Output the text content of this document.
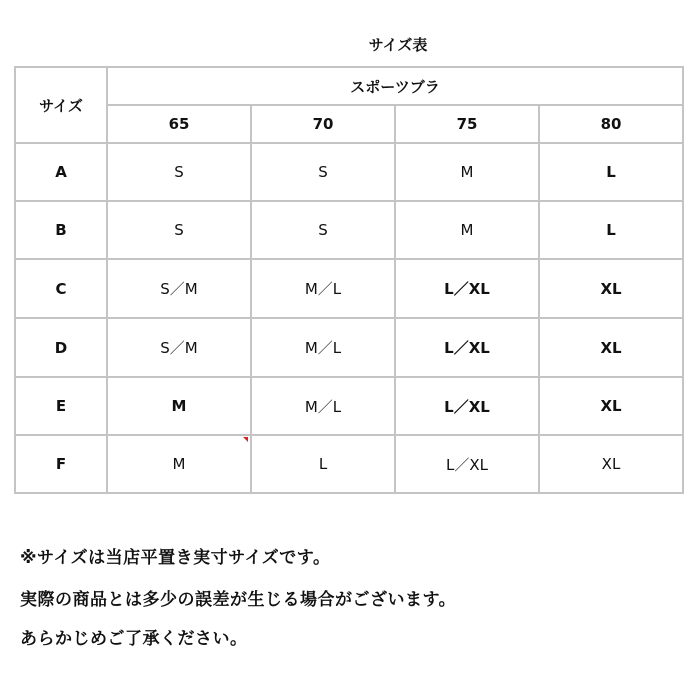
サイズ表
サイズ	スポーツブラ			
	65	70	75	80
A	S	S	M	L
B	S	S	M	L
C	S／M	M／L	L／XL	XL
D	S／M	M／L	L／XL	XL
E	M	M／L	L／XL	XL
F	M	L	L／XL	XL
※サイズは当店平置き実寸サイズです。
実際の商品とは多少の誤差が生じる場合がございます。
あらかじめご了承ください。
